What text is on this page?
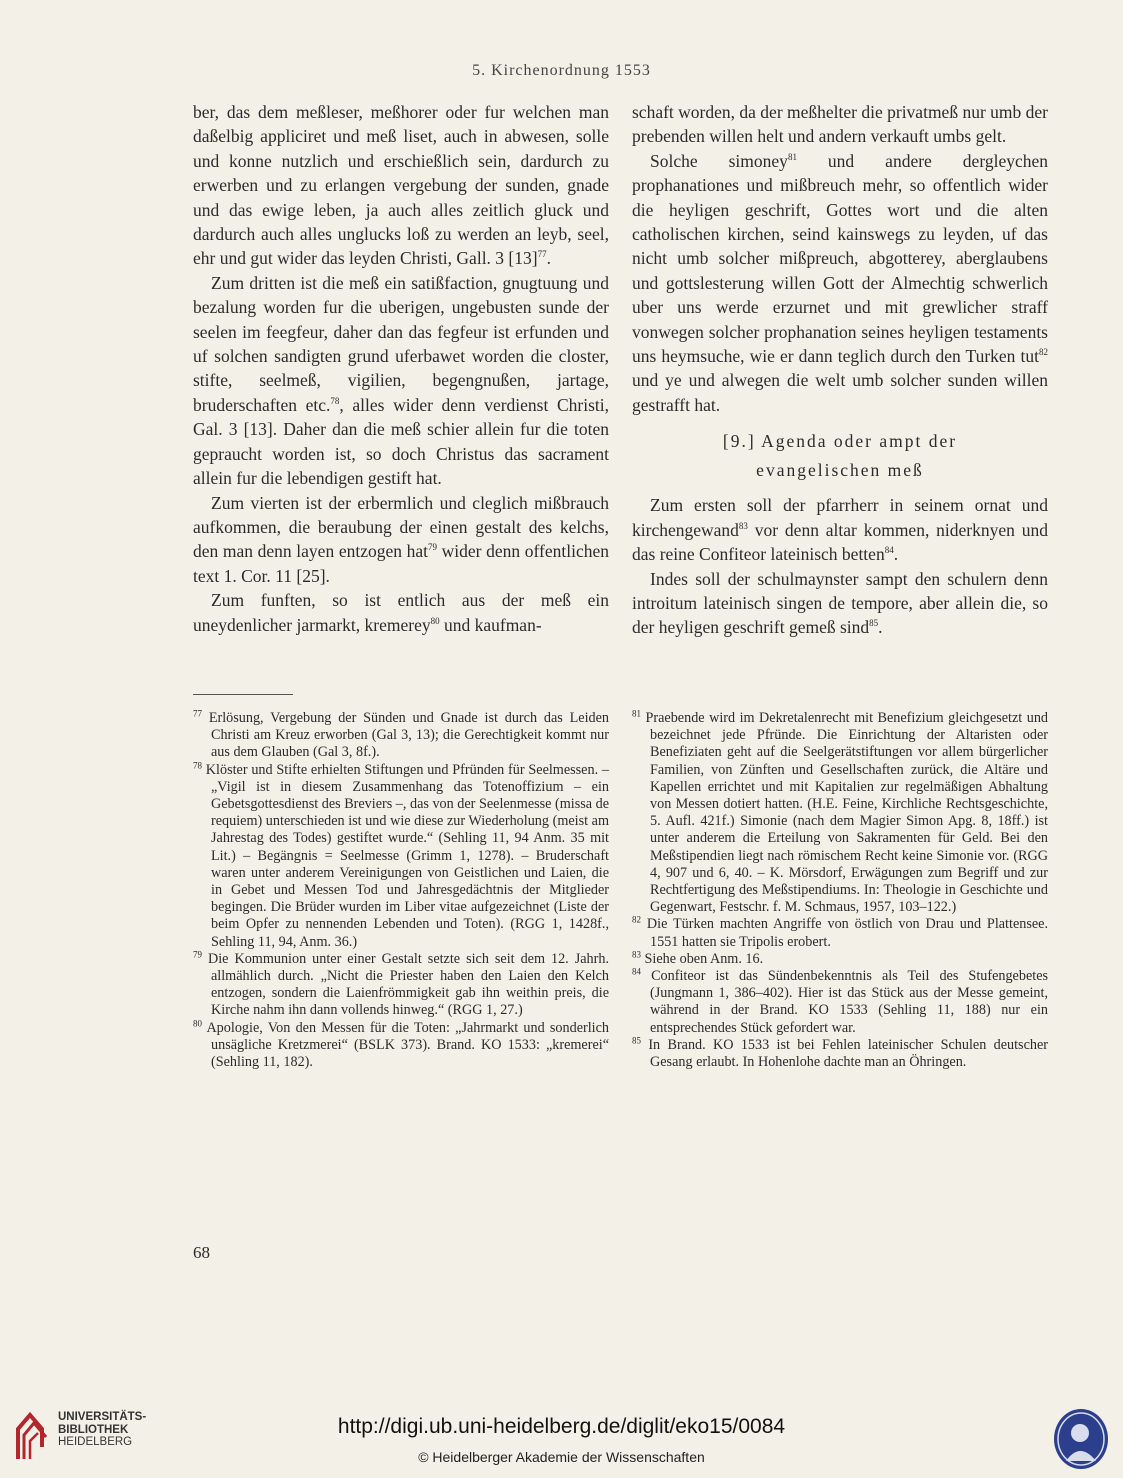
5. Kirchenordnung 1553

ber, das dem meßleser, meßhorer oder fur welchen man daßelbig appliciret und meß liset, auch in abwesen, solle und konne nutzlich und erschießlich sein, dardurch zu erwerben und zu erlangen vergebung der sunden, gnade und das ewige leben, ja auch alles zeitlich gluck und dardurch auch alles unglucks loß zu werden an leyb, seel, ehr und gut wider das leyden Christi, Gall. 3 $[13]^{77}$.

Zum dritten ist die meß ein satißfaction, gnugtuung und bezalung worden fur die uberigen, ungebusten sunde der seelen im feegfeur, daher dan das fegfeur ist erfunden und uf solchen sandigten grund uferbawet worden die closter, stifte, seelmeß, vigilien, begengnußen, jartage, bruderschaften etc.$^{78}$, alles wider denn verdienst Christi, Gal. 3 [13]. Daher dan die meß schier allein fur die toten gepraucht worden ist, so doch Christus das sacrament allein fur die lebendigen gestift hat.

Zum vierten ist der erbermlich und cleglich mißbrauch aufkommen, die beraubung der einen gestalt des kelchs, den man denn layen entzogen hat$^{79}$ wider denn offentlichen text 1. Cor. 11 [25].

Zum funften, so ist entlich aus der meß ein uneydenlicher jarmarkt, kremerey$^{80}$ und kaufman-

schaft worden, da der meßhelter die privatmeß nur umb der prebenden willen helt und andern verkauft umbs gelt.

Solche simoney$^{81}$ und andere dergleychen prophanationes und mißbreuch mehr, so offentlich wider die heyligen geschrift, Gottes wort und die alten catholischen kirchen, seind kainswegs zu leyden, uf das nicht umb solcher mißpreuch, abgotterey, aberglaubens und gottslesterung willen Gott der Almechtig schwerlich uber uns werde erzurnet und mit grewlicher straff vonwegen solcher prophanation seines heyligen testaments uns heymsuche, wie er dann teglich durch den Turken tut$^{82}$ und ye und alwegen die welt umb solcher sunden willen gestrafft hat.

[9.] Agenda oder ampt der
evangelischen meß

Zum ersten soll der pfarrherr in seinem ornat und kirchengewand$^{83}$ vor denn altar kommen, niderknyen und das reine Confiteor lateinisch betten$^{84}$.

Indes soll der schulmaynster sampt den schulern denn introitum lateinisch singen de tempore, aber allein die, so der heyligen geschrift gemeß sind$^{85}$.

$^{77}$ Erlösung, Vergebung der Sünden und Gnade ist durch das Leiden Christi am Kreuz erworben (Gal 3, 13); die Gerechtigkeit kommt nur aus dem Glauben (Gal 3, 8f.).

$^{78}$ Klöster und Stifte erhielten Stiftungen und Pfründen für Seelmessen. – „Vigil ist in diesem Zusammenhang das Totenoffizium – ein Gebetsgottesdienst des Breviers –, das von der Seelenmesse (missa de requiem) unterschieden ist und wie diese zur Wiederholung (meist am Jahrestag des Todes) gestiftet wurde.“ (Sehling 11, 94 Anm. 35 mit Lit.) – Begängnis = Seelmesse (Grimm 1, 1278). – Bruderschaft waren unter anderem Vereinigungen von Geistlichen und Laien, die in Gebet und Messen Tod und Jahresgedächtnis der Mitglieder begingen. Die Brüder wurden im Liber vitae aufgezeichnet (Liste der beim Opfer zu nennenden Lebenden und Toten). (RGG 1, 1428f., Sehling 11, 94, Anm. 36.)

$^{79}$ Die Kommunion unter einer Gestalt setzte sich seit dem 12. Jahrh. allmählich durch. „Nicht die Priester haben den Laien den Kelch entzogen, sondern die Laienfrömmigkeit gab ihn weithin preis, die Kirche nahm ihn dann vollends hinweg.“ (RGG 1, 27.)

$^{80}$ Apologie, Von den Messen für die Toten: „Jahrmarkt und sonderlich unsägliche Kretzmerei“ (BSLK 373). Brand. KO 1533: „kremerei“ (Sehling 11, 182).

$^{81}$ Praebende wird im Dekretalenrecht mit Benefizium gleichgesetzt und bezeichnet jede Pfründe. Die Einrichtung der Altaristen oder Benefiziaten geht auf die Seelgerätstiftungen vor allem bürgerlicher Familien, von Zünften und Gesellschaften zurück, die Altäre und Kapellen errichtet und mit Kapitalien zur regelmäßigen Abhaltung von Messen dotiert hatten. (H.E. Feine, Kirchliche Rechtsgeschichte, 5. Aufl. 421f.) Simonie (nach dem Magier Simon Apg. 8, 18ff.) ist unter anderem die Erteilung von Sakramenten für Geld. Bei den Meßstipendien liegt nach römischem Recht keine Simonie vor. (RGG 4, 907 und 6, 40. – K. Mörsdorf, Erwägungen zum Begriff und zur Rechtfertigung des Meßstipendiums. In: Theologie in Geschichte und Gegenwart, Festschr. f. M. Schmaus, 1957, 103–122.)

$^{82}$ Die Türken machten Angriffe von östlich von Drau und Plattensee. 1551 hatten sie Tripolis erobert.

$^{83}$ Siehe oben Anm. 16.

$^{84}$ Confiteor ist das Sündenbekenntnis als Teil des Stufengebetes (Jungmann 1, 386–402). Hier ist das Stück aus der Messe gemeint, während in der Brand. KO 1533 (Sehling 11, 188) nur ein entsprechendes Stück gefordert war.

$^{85}$ In Brand. KO 1533 ist bei Fehlen lateinischer Schulen deutscher Gesang erlaubt. In Hohenlohe dachte man an Öhringen.

68
UNIVERSITÄTS-
BIBLIOTHEK
HEIDELBERG
http://digi.ub.uni-heidelberg.de/diglit/eko15/0084
© Heidelberger Akademie der Wissenschaften
